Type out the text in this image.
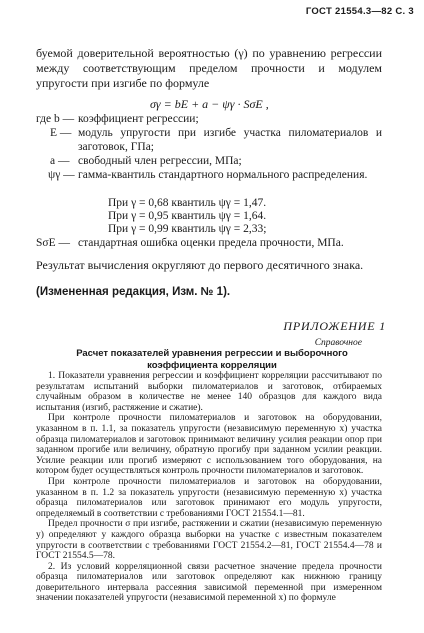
ГОСТ 21554.3—82 С. 3

буемой доверительной вероятностью (γ) по уравнению регрессии между соответствующим пределом прочности и модулем упругости при изгибе по формуле

σγ = bE + a − ψγ · SσE ,
где b — коэффициент регрессии;
E — модуль упругости при изгибе участка пиломатериалов и заготовок, ГПа;
a — свободный член регрессии, МПа;
ψγ — гамма-квантиль стандартного нормального распределения.
При γ = 0,68 квантиль ψγ = 1,47.
При γ = 0,95 квантиль ψγ = 1,64.
При γ = 0,99 квантиль ψγ = 2,33;
SσE — стандартная ошибка оценки предела прочности, МПа.

Результат вычисления округляют до первого десятичного знака.

(Измененная редакция, Изм. № 1).
ПРИЛОЖЕНИЕ 1
Справочное
Расчет показателей уравнения регрессии и выборочного коэффициента корреляции

1. Показатели уравнения регрессии и коэффициент корреляции рассчитывают по результатам испытаний выборки пиломатериалов и заготовок, отбираемых случайным образом в количестве не менее 140 образцов для каждого вида испытания (изгиб, растяжение и сжатие).

При контроле прочности пиломатериалов и заготовок на оборудовании, указанном в п. 1.1, за показатель упругости (независимую переменную x) участка образца пиломатериалов и заготовок принимают величину усилия реакции опор при заданном прогибе или величину, обратную прогибу при заданном усилии реакции. Усилие реакции или прогиб измеряют с использованием того оборудования, на котором будет осуществляться контроль прочности пиломатериалов и заготовок.

При контроле прочности пиломатериалов и заготовок на оборудовании, указанном в п. 1.2 за показатель упругости (независимую переменную x) участка образца пиломатериалов или заготовок принимают его модуль упругости, определяемый в соответствии с требованиями ГОСТ 21554.1—81.

Предел прочности σ при изгибе, растяжении и сжатии (независимую переменную y) определяют у каждого образца выборки на участке с известным показателем упругости в соответствии с требованиями ГОСТ 21554.2—81, ГОСТ 21554.4—78 и ГОСТ 21554.5—78.

2. Из условий корреляционной связи расчетное значение предела прочности образца пиломатериалов или заготовок определяют как нижнюю границу доверительного интервала рассеяния зависимой переменной при измеренном значении показателей упругости (независимой переменной x) по формуле
